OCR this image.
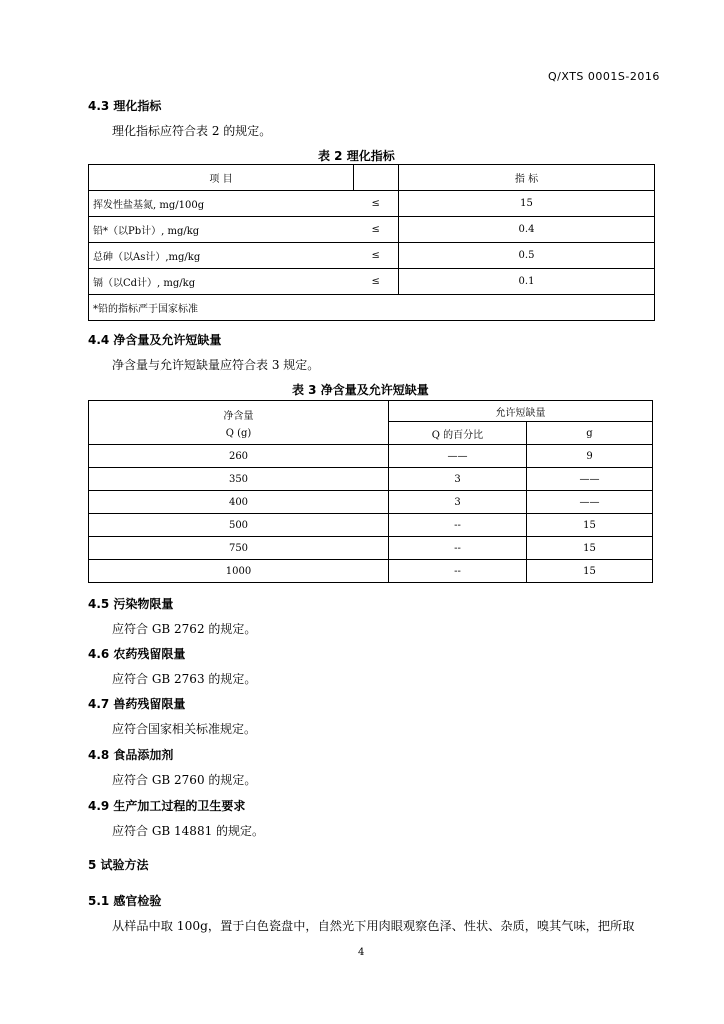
Q/XTS 0001S-2016
4.3 理化指标
理化指标应符合表 2 的规定。
表 2 理化指标
项 目		指 标
挥发性盐基氮, mg/100g	≤	15
铅*（以Pb计）, mg/kg	≤	0.4
总砷（以As计）,mg/kg	≤	0.5
镉（以Cd计）, mg/kg	≤	0.1
*铅的指标严于国家标准		
4.4 净含量及允许短缺量
净含量与允许短缺量应符合表 3 规定。
表 3 净含量及允许短缺量
净含量
Q (g)	允许短缺量	
	Q 的百分比	g
260	——	9
350	3	——
400	3	——
500	--	15
750	--	15
1000	--	15
4.5 污染物限量
应符合 GB 2762 的规定。
4.6 农药残留限量
应符合 GB 2763 的规定。
4.7 兽药残留限量
应符合国家相关标准规定。
4.8 食品添加剂
应符合 GB 2760 的规定。
4.9 生产加工过程的卫生要求
应符合 GB 14881 的规定。
5 试验方法
5.1 感官检验
从样品中取 100g，置于白色瓷盘中，自然光下用肉眼观察色泽、性状、杂质，嗅其气味，把所取
4
